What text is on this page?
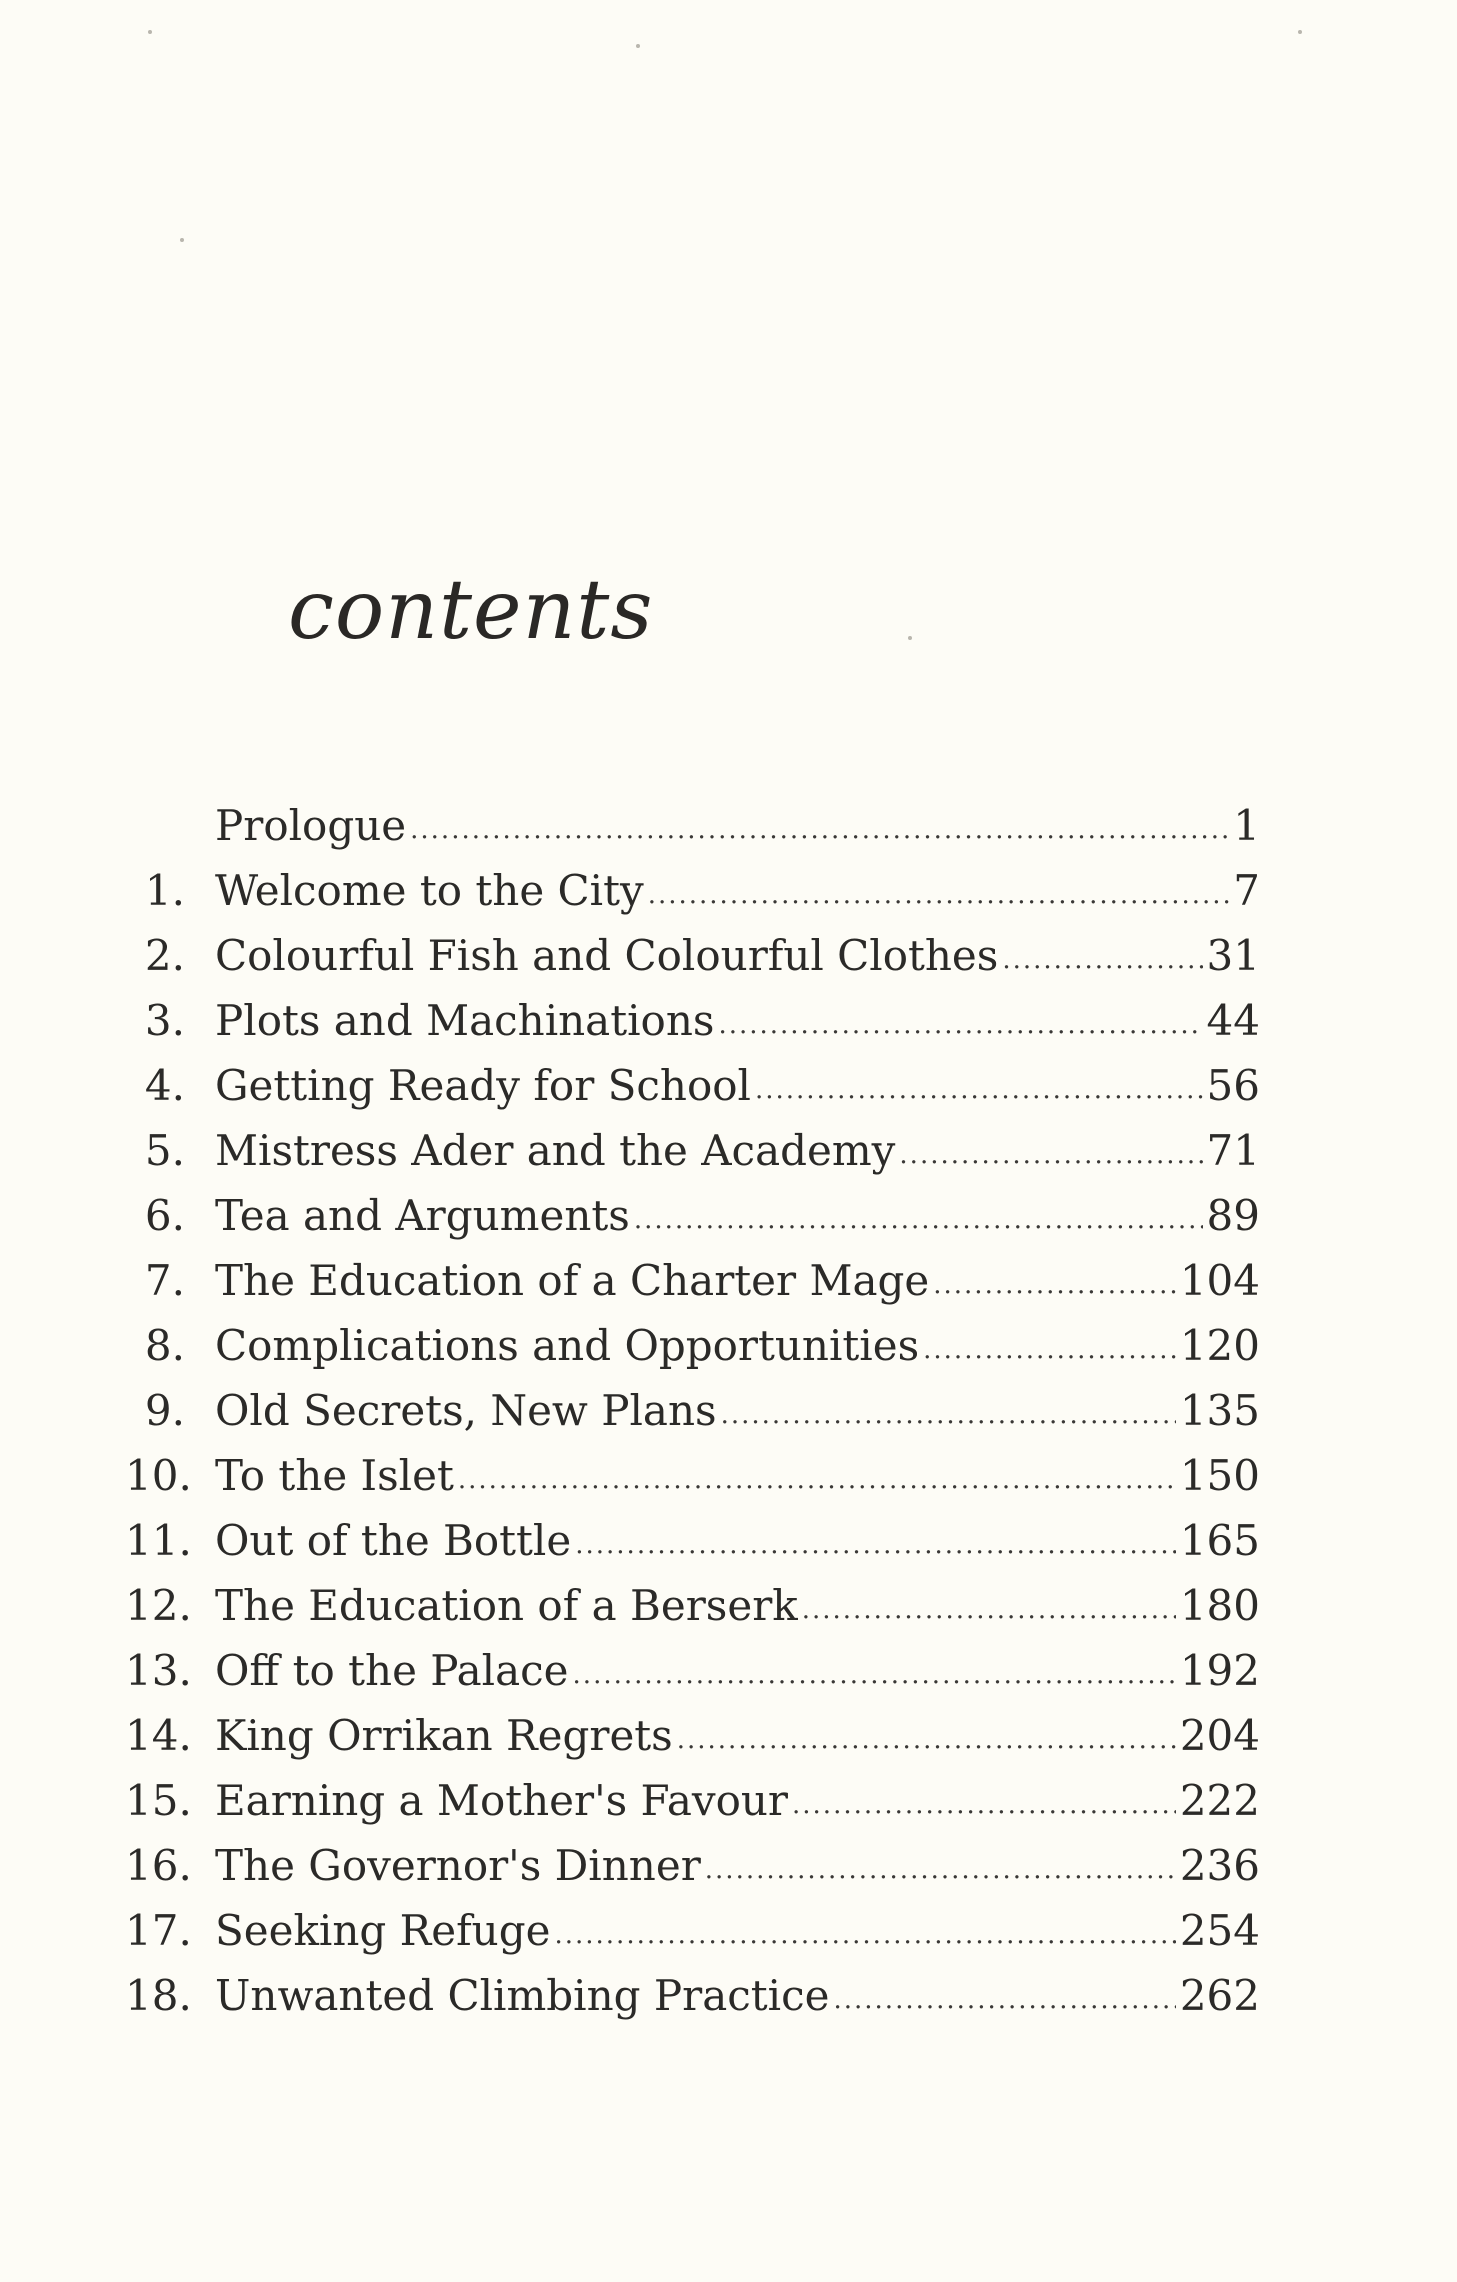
contents
Prologue .....	1
1. Welcome to the City .....	7
2. Colourful Fish and Colourful Clothes .....	31
3. Plots and Machinations .....	44
4. Getting Ready for School .....	56
5. Mistress Ader and the Academy .....	71
6. Tea and Arguments .....	89
7. The Education of a Charter Mage .....	104
8. Complications and Opportunities .....	120
9. Old Secrets, New Plans .....	135
10. To the Islet .....	150
11. Out of the Bottle .....	165
12. The Education of a Berserk .....	180
13. Off to the Palace .....	192
14. King Orrikan Regrets .....	204
15. Earning a Mother's Favour .....	222
16. The Governor's Dinner .....	236
17. Seeking Refuge .....	254
18. Unwanted Climbing Practice .....	262
